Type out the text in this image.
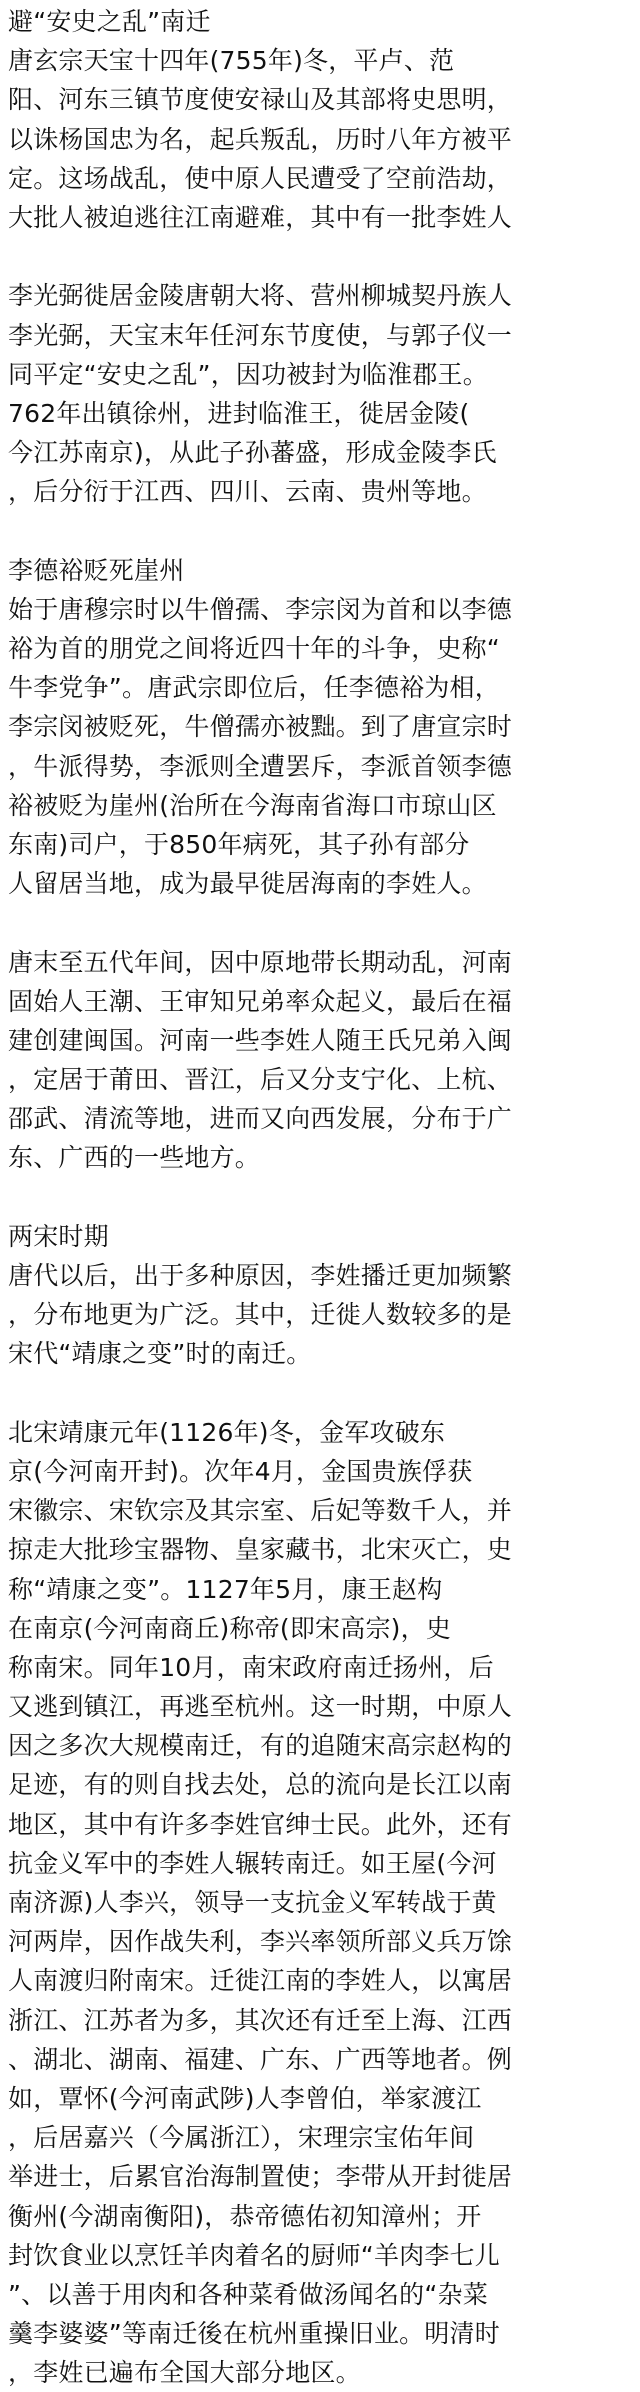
避“安史之乱”南迁
唐玄宗天宝十四年(755年)冬，平卢、范
阳、河东三镇节度使安禄山及其部将史思明，
以诛杨国忠为名，起兵叛乱，历时八年方被平
定。这场战乱，使中原人民遭受了空前浩劫，
大批人被迫逃往江南避难，其中有一批李姓人
李光弼徙居金陵唐朝大将、营州柳城契丹族人
李光弼，天宝末年任河东节度使，与郭子仪一
同平定“安史之乱”，因功被封为临淮郡王。
762年出镇徐州，进封临淮王，徙居金陵(
今江苏南京)，从此子孙蕃盛，形成金陵李氏
，后分衍于江西、四川、云南、贵州等地。
李德裕贬死崖州
始于唐穆宗时以牛僧孺、李宗闵为首和以李德
裕为首的朋党之间将近四十年的斗争，史称“
牛李党争”。唐武宗即位后，任李德裕为相，
李宗闵被贬死，牛僧孺亦被黜。到了唐宣宗时
，牛派得势，李派则全遭罢斥，李派首领李德
裕被贬为崖州(治所在今海南省海口市琼山区
东南)司户，于850年病死，其子孙有部分
人留居当地，成为最早徙居海南的李姓人。
唐末至五代年间，因中原地带长期动乱，河南
固始人王潮、王审知兄弟率众起义，最后在福
建创建闽国。河南一些李姓人随王氏兄弟入闽
，定居于莆田、晋江，后又分支宁化、上杭、
邵武、清流等地，进而又向西发展，分布于广
东、广西的一些地方。
两宋时期
唐代以后，出于多种原因，李姓播迁更加频繁
，分布地更为广泛。其中，迁徙人数较多的是
宋代“靖康之变”时的南迁。
北宋靖康元年(1126年)冬，金军攻破东
京(今河南开封)。次年4月，金国贵族俘获
宋徽宗、宋钦宗及其宗室、后妃等数千人，并
掠走大批珍宝器物、皇家藏书，北宋灭亡，史
称“靖康之变”。1127年5月，康王赵构
在南京(今河南商丘)称帝(即宋高宗)，史
称南宋。同年10月，南宋政府南迁扬州，后
又逃到镇江，再逃至杭州。这一时期，中原人
因之多次大规模南迁，有的追随宋高宗赵构的
足迹，有的则自找去处，总的流向是长江以南
地区，其中有许多李姓官绅士民。此外，还有
抗金义军中的李姓人辗转南迁。如王屋(今河
南济源)人李兴，领导一支抗金义军转战于黄
河两岸，因作战失利，李兴率领所部义兵万馀
人南渡归附南宋。迁徙江南的李姓人，以寓居
浙江、江苏者为多，其次还有迁至上海、江西
、湖北、湖南、福建、广东、广西等地者。例
如，覃怀(今河南武陟)人李曾伯，举家渡江
，后居嘉兴（今属浙江），宋理宗宝佑年间
举进士，后累官治海制置使；李带从开封徙居
衡州(今湖南衡阳)，恭帝德佑初知漳州；开
封饮食业以烹饪羊肉着名的厨师“羊肉李七儿
”、以善于用肉和各种菜肴做汤闻名的“杂菜
羹李婆婆”等南迁後在杭州重操旧业。明清时
，李姓已遍布全国大部分地区。
